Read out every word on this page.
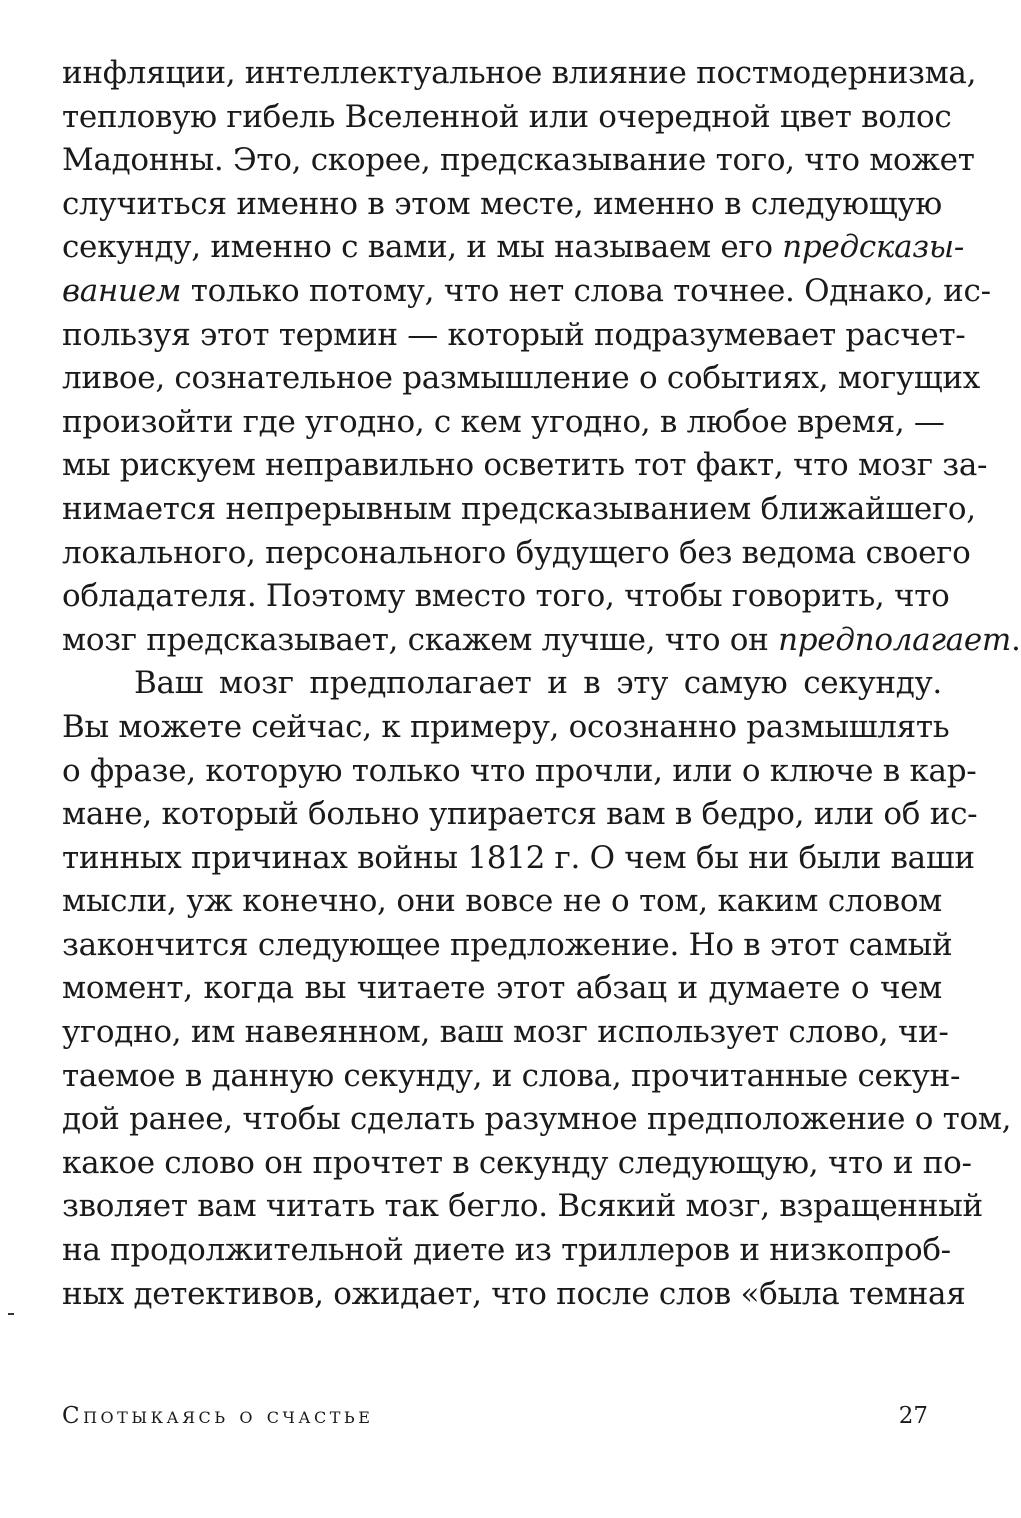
инфляции, интеллектуальное влияние постмодернизма,
тепловую гибель Вселенной или очередной цвет волос
Мадонны. Это, скорее, предсказывание того, что может
случиться именно в этом месте, именно в следующую
секунду, именно с вами, и мы называем его предсказы-
ванием только потому, что нет слова точнее. Однако, ис-
пользуя этот термин — который подразумевает расчет-
ливое, сознательное размышление о событиях, могущих
произойти где угодно, с кем угодно, в любое время, —
мы рискуем неправильно осветить тот факт, что мозг за-
нимается непрерывным предсказыванием ближайшего,
локального, персонального будущего без ведома своего
обладателя. Поэтому вместо того, чтобы говорить, что
мозг предсказывает, скажем лучше, что он предполагает.
Ваш мозг предполагает и в эту самую секунду.
Вы можете сейчас, к примеру, осознанно размышлять
о фразе, которую только что прочли, или о ключе в кар-
мане, который больно упирается вам в бедро, или об ис-
тинных причинах войны 1812 г. О чем бы ни были ваши
мысли, уж конечно, они вовсе не о том, каким словом
закончится следующее предложение. Но в этот самый
момент, когда вы читаете этот абзац и думаете о чем
угодно, им навеянном, ваш мозг использует слово, чи-
таемое в данную секунду, и слова, прочитанные секун-
дой ранее, чтобы сделать разумное предположение о том,
какое слово он прочтет в секунду следующую, что и по-
зволяет вам читать так бегло. Всякий мозг, взращенный
на продолжительной диете из триллеров и низкопроб-
ных детективов, ожидает, что после слов «была темная
Спотыкаясь о счастье	27
